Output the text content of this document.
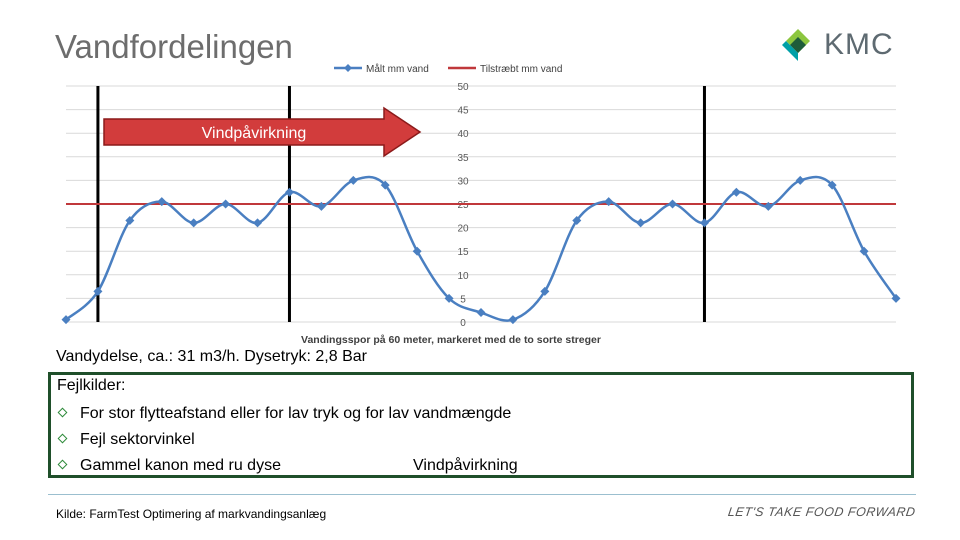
Vandfordelingen	KMC
0
5
10
15
20
25
30
35
40
45
50
Målt mm vand	Tilstræbt mm vand
Vandingsspor på 60 meter, markeret med de to sorte streger
Vindpåvirkning
Vandydelse, ca.: 31 m3/h. Dysetryk: 2,8 Bar
Fejlkilder:
For stor flytteafstand eller for lav tryk og for lav vandmængde
Fejl sektorvinkel
Gammel kanon med ru dyse	Vindpåvirkning
Kilde: FarmTest Optimering af markvandingsanlæg	LET'S TAKE FOOD FORWARD
